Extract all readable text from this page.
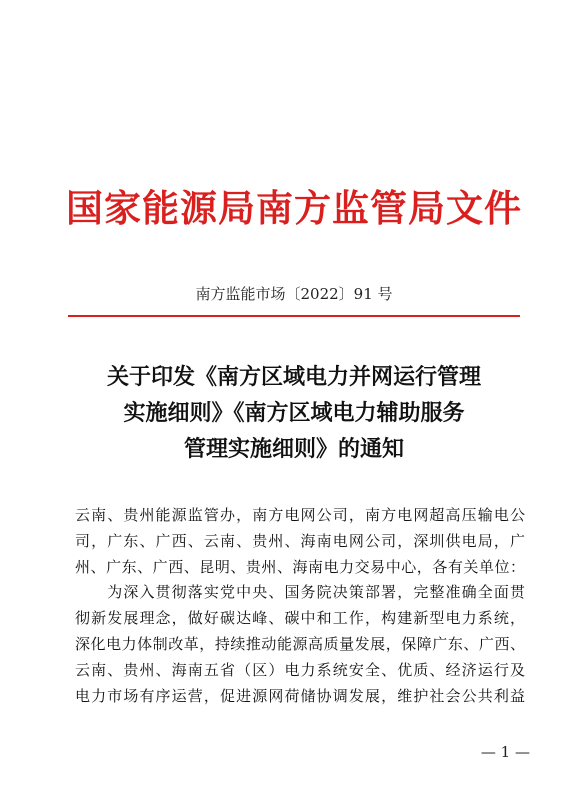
国家能源局南方监管局文件
南方监能市场〔2022〕91 号
关于印发《南方区域电力并网运行管理
实施细则》《南方区域电力辅助服务
管理实施细则》的通知

云南、贵州能源监管办，南方电网公司，南方电网超高压输电公

司，广东、广西、云南、贵州、海南电网公司，深圳供电局，广

州、广东、广西、昆明、贵州、海南电力交易中心，各有关单位：

　　为深入贯彻落实党中央、国务院决策部署，完整准确全面贯

彻新发展理念，做好碳达峰、碳中和工作，构建新型电力系统，

深化电力体制改革，持续推动能源高质量发展，保障广东、广西、

云南、贵州、海南五省（区）电力系统安全、优质、经济运行及

电力市场有序运营，促进源网荷储协调发展，维护社会公共利益

— 1 —
